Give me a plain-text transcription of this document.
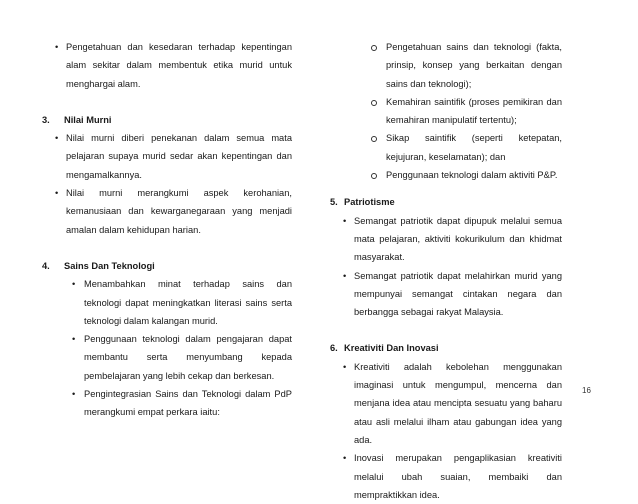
• Pengetahuan dan kesedaran terhadap kepentingan alam sekitar dalam membentuk etika murid untuk menghargai alam.
3. Nilai Murni
• Nilai murni diberi penekanan dalam semua mata pelajaran supaya murid sedar akan kepentingan dan mengamalkannya.
• Nilai murni merangkumi aspek kerohanian, kemanusiaan dan kewarganegaraan yang menjadi amalan dalam kehidupan harian.
4. Sains Dan Teknologi
• Menambahkan minat terhadap sains dan teknologi dapat meningkatkan literasi sains serta teknologi dalam kalangan murid.
• Penggunaan teknologi dalam pengajaran dapat membantu serta menyumbang kepada pembelajaran yang lebih cekap dan berkesan.
• Pengintegrasian Sains dan Teknologi dalam PdP merangkumi empat perkara iaitu:
Pengetahuan sains dan teknologi (fakta, prinsip, konsep yang berkaitan dengan sains dan teknologi);
Kemahiran saintifik (proses pemikiran dan kemahiran manipulatif tertentu);
Sikap saintifik (seperti ketepatan, kejujuran, keselamatan); dan
Penggunaan teknologi dalam aktiviti P&P.
5. Patriotisme
• Semangat patriotik dapat dipupuk melalui semua mata pelajaran, aktiviti kokurikulum dan khidmat masyarakat.
• Semangat patriotik dapat melahirkan murid yang mempunyai semangat cintakan negara dan berbangga sebagai rakyat Malaysia.
6. Kreativiti Dan Inovasi
• Kreativiti adalah kebolehan menggunakan imaginasi untuk mengumpul, mencerna dan menjana idea atau mencipta sesuatu yang baharu atau asli melalui ilham atau gabungan idea yang ada.
• Inovasi merupakan pengaplikasian kreativiti melalui ubah suaian, membaiki dan mempraktikkan idea.
16
